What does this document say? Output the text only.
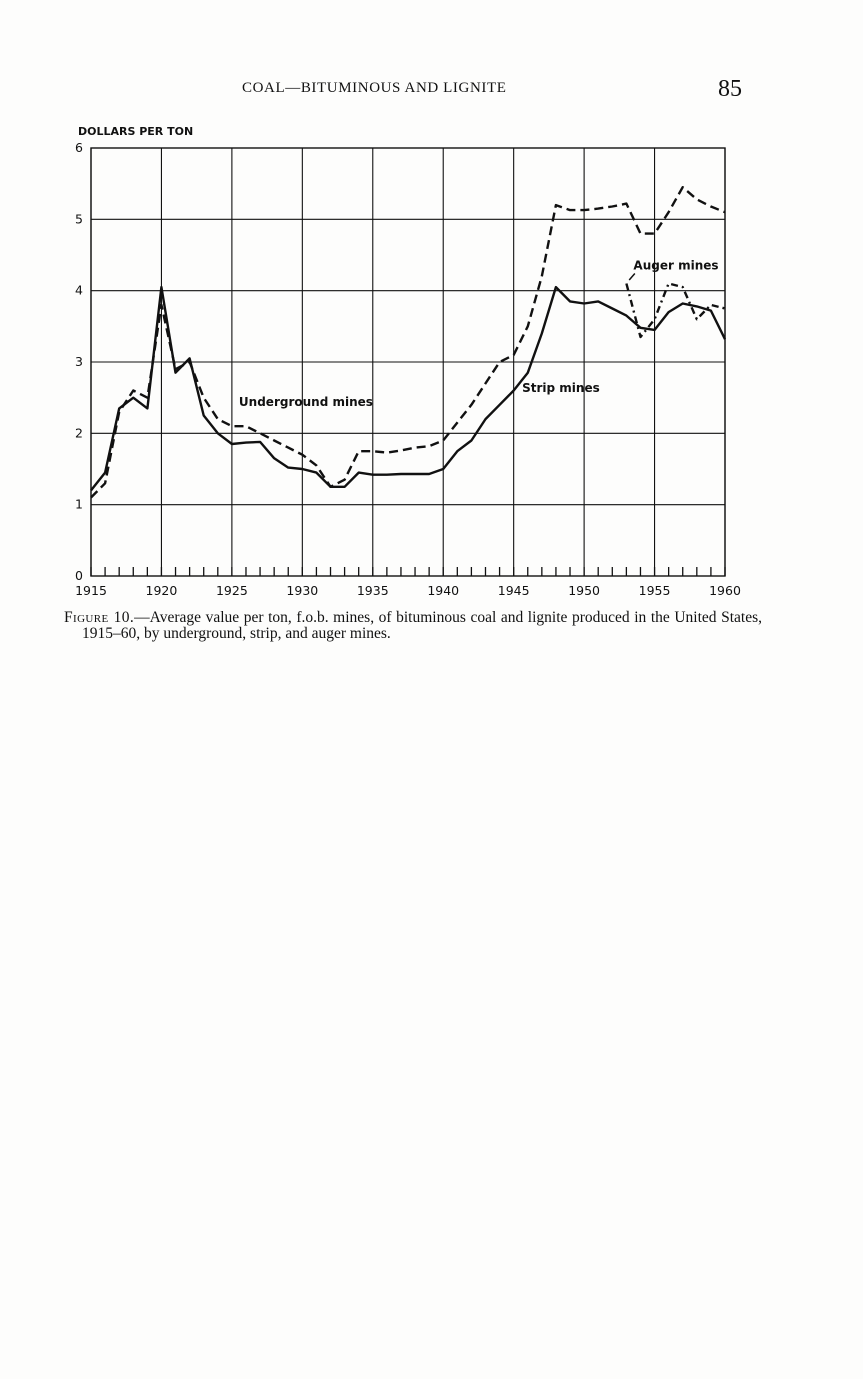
COAL—BITUMINOUS AND LIGNITE	85
1915	1920	1925	1930	1935	1940	1945	1950	1955	1960
0
1
2
3
4
5
6
DOLLARS PER TON
Underground mines
Strip mines
Auger mines
Figure 10.—Average value per ton, f.o.b. mines, of bituminous coal and lignite produced in the United States, 1915–60, by underground, strip, and auger mines.
